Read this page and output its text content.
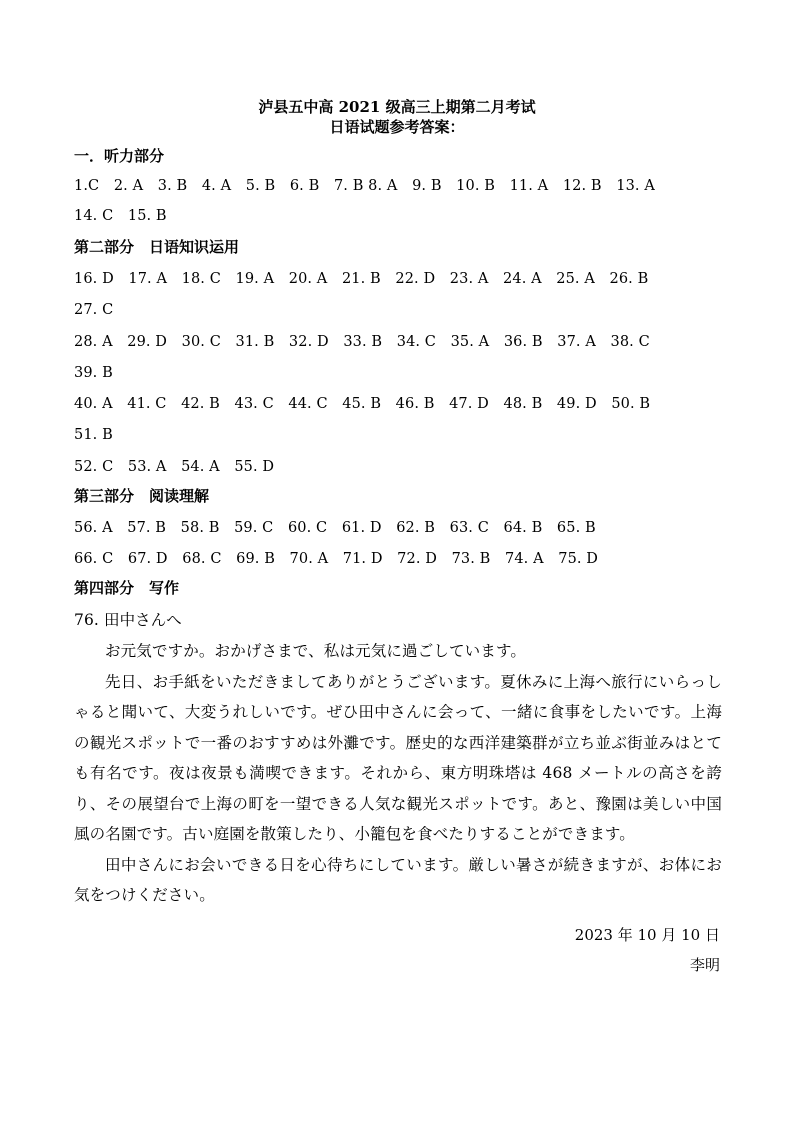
泸县五中高 2021 级高三上期第二月考试
日语试题参考答案：
一．听力部分
1.C　2. A　3. B　4. A　5. B　6. B　7. B 8. A　9. B　10. B　11. A　12. B　13. A
14. C　15. B
第二部分　日语知识运用
16. D　17. A　18. C　19. A　20. A　21. B　22. D　23. A　24. A　25. A　26. B
27. C
28. A　29. D　30. C　31. B　32. D　33. B　34. C　35. A　36. B　37. A　38. C
39. B
40. A　41. C　42. B　43. C　44. C　45. B　46. B　47. D　48. B　49. D　50. B
51. B
52. C　53. A　54. A　55. D
第三部分　阅读理解
56. A　57. B　58. B　59. C　60. C　61. D　62. B　63. C　64. B　65. B
66. C　67. D　68. C　69. B　70. A　71. D　72. D　73. B　74. A　75. D
第四部分　写作
76. 田中さんへ
お元気ですか。おかげさまで、私は元気に過ごしています。
先日、お手紙をいただきましてありがとうございます。夏休みに上海へ旅行にいらっしゃると聞いて、大変うれしいです。ぜひ田中さんに会って、一緒に食事をしたいです。上海の観光スポットで一番のおすすめは外灘です。歴史的な西洋建築群が立ち並ぶ街並みはとても有名です。夜は夜景も満喫できます。それから、東方明珠塔は 468 メートルの高さを誇り、その展望台で上海の町を一望できる人気な観光スポットです。あと、豫園は美しい中国風の名園です。古い庭園を散策したり、小籠包を食べたりすることができます。
田中さんにお会いできる日を心待ちにしています。厳しい暑さが続きますが、お体にお気をつけください。
2023 年 10 月 10 日
李明
